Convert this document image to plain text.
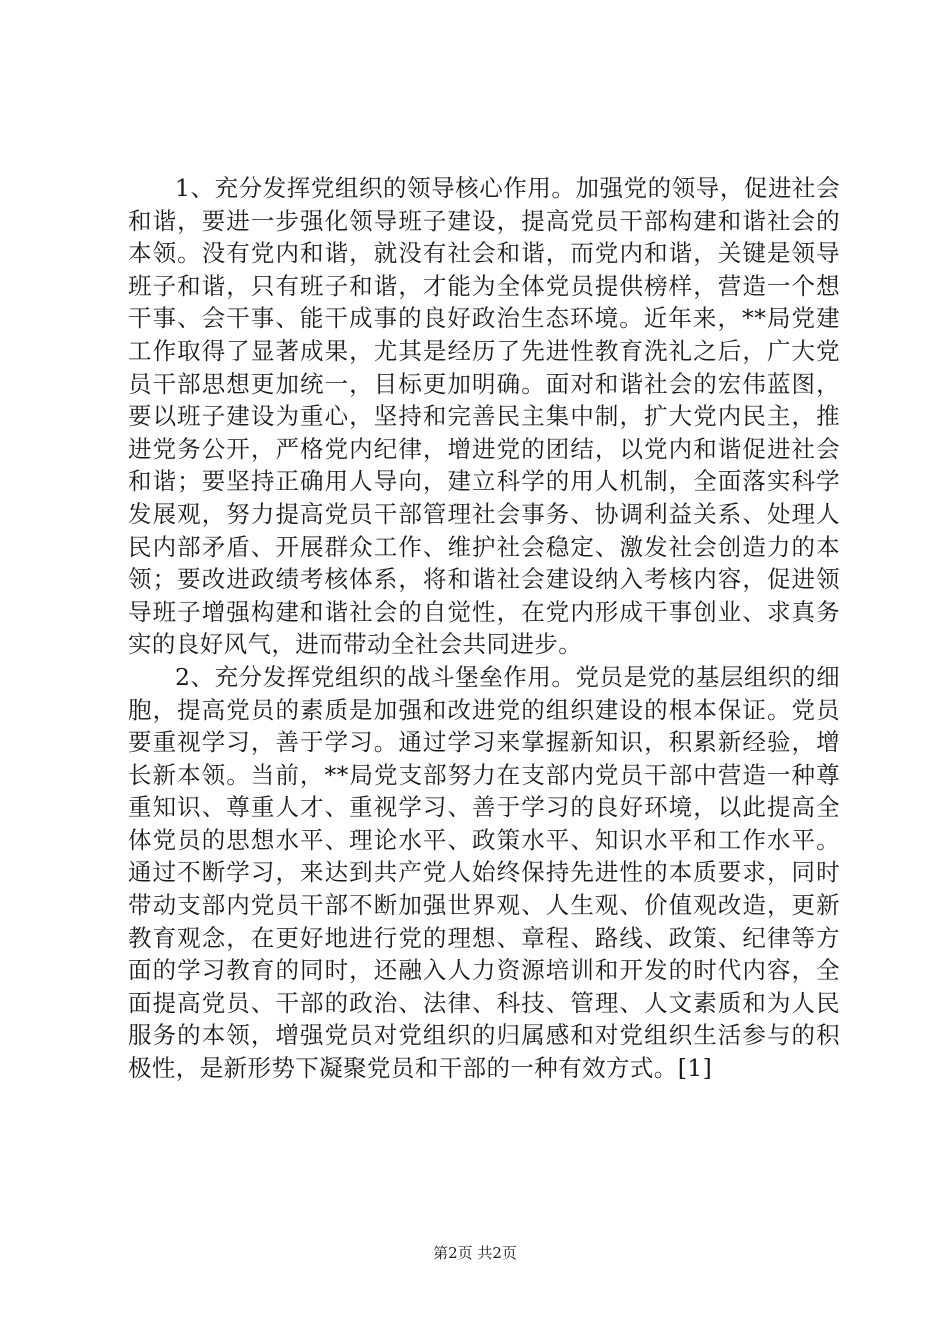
1、充分发挥党组织的领导核心作用。加强党的领导，促进社会和谐，要进一步强化领导班子建设，提高党员干部构建和谐社会的本领。没有党内和谐，就没有社会和谐，而党内和谐，关键是领导班子和谐，只有班子和谐，才能为全体党员提供榜样，营造一个想干事、会干事、能干成事的良好政治生态环境。近年来，**局党建工作取得了显著成果，尤其是经历了先进性教育洗礼之后，广大党员干部思想更加统一，目标更加明确。面对和谐社会的宏伟蓝图，要以班子建设为重心，坚持和完善民主集中制，扩大党内民主，推进党务公开，严格党内纪律，增进党的团结，以党内和谐促进社会和谐；要坚持正确用人导向，建立科学的用人机制，全面落实科学发展观，努力提高党员干部管理社会事务、协调利益关系、处理人民内部矛盾、开展群众工作、维护社会稳定、激发社会创造力的本领；要改进政绩考核体系，将和谐社会建设纳入考核内容，促进领导班子增强构建和谐社会的自觉性，在党内形成干事创业、求真务实的良好风气，进而带动全社会共同进步。

2、充分发挥党组织的战斗堡垒作用。党员是党的基层组织的细胞，提高党员的素质是加强和改进党的组织建设的根本保证。党员要重视学习，善于学习。通过学习来掌握新知识，积累新经验，增长新本领。当前，**局党支部努力在支部内党员干部中营造一种尊重知识、尊重人才、重视学习、善于学习的良好环境，以此提高全体党员的思想水平、理论水平、政策水平、知识水平和工作水平。通过不断学习，来达到共产党人始终保持先进性的本质要求，同时带动支部内党员干部不断加强世界观、人生观、价值观改造，更新教育观念，在更好地进行党的理想、章程、路线、政策、纪律等方面的学习教育的同时，还融入人力资源培训和开发的时代内容，全面提高党员、干部的政治、法律、科技、管理、人文素质和为人民服务的本领，增强党员对党组织的归属感和对党组织生活参与的积极性，是新形势下凝聚党员和干部的一种有效方式。[1]

第2页 共2页
